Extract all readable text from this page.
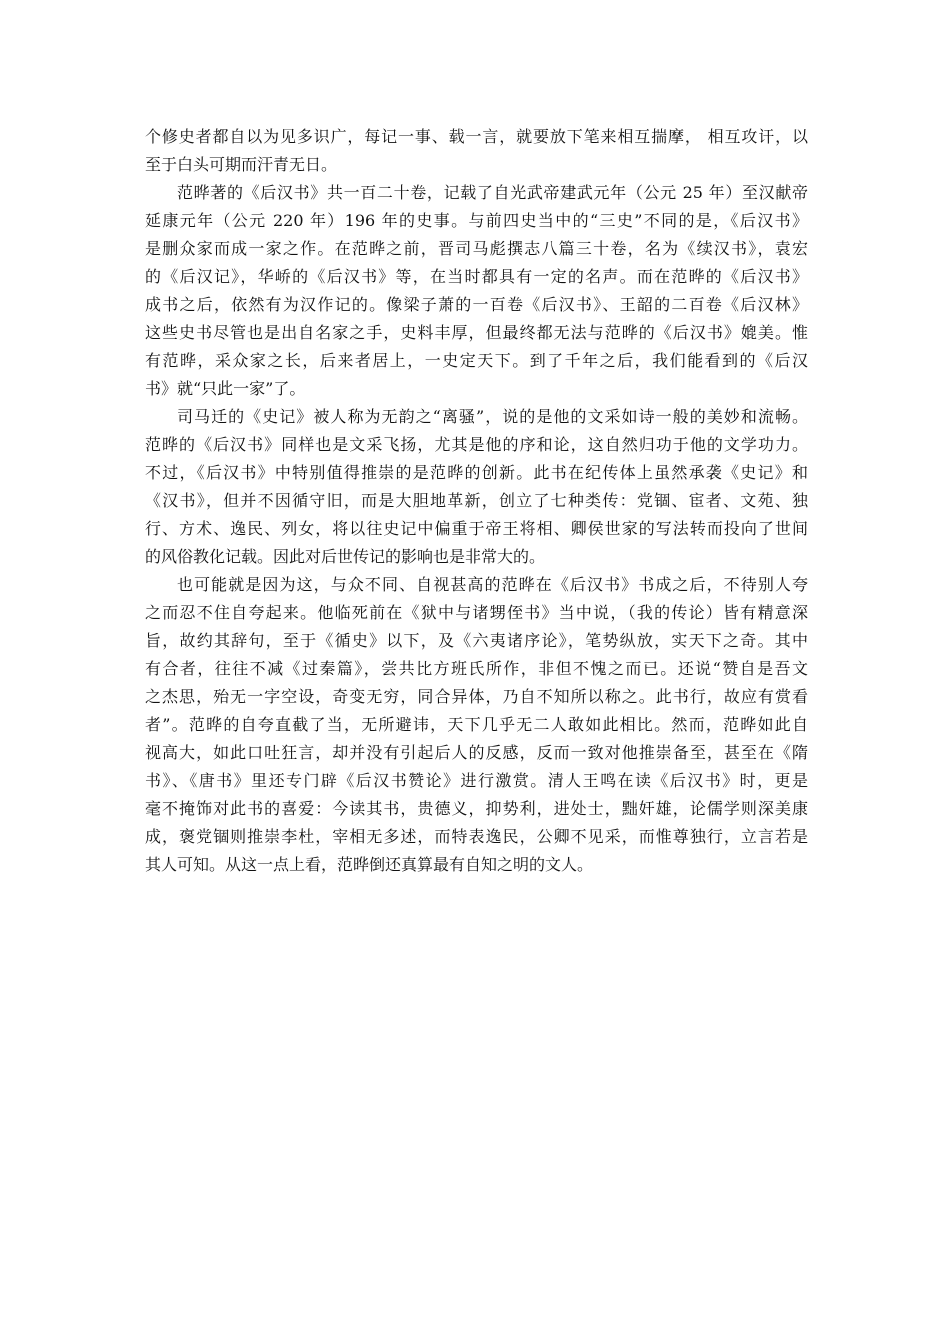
个修史者都自以为见多识广，每记一事、载一言，就要放下笔来相互揣摩， 相互攻讦，以
至于白头可期而汗青无日。
范晔著的《后汉书》共一百二十卷，记载了自光武帝建武元年（公元 25 年）至汉献帝
延康元年（公元 220 年）196 年的史事。与前四史当中的“三史”不同的是，《后汉书》
是删众家而成一家之作。在范晔之前，晋司马彪撰志八篇三十卷，名为《续汉书》，袁宏
的《后汉记》，华峤的《后汉书》等，在当时都具有一定的名声。而在范晔的《后汉书》
成书之后，依然有为汉作记的。像梁子萧的一百卷《后汉书》、王韶的二百卷《后汉林》
这些史书尽管也是出自名家之手，史料丰厚，但最终都无法与范晔的《后汉书》媲美。惟
有范晔，采众家之长，后来者居上，一史定天下。到了千年之后，我们能看到的《后汉
书》就“只此一家”了。
司马迁的《史记》被人称为无韵之“离骚”，说的是他的文采如诗一般的美妙和流畅。
范晔的《后汉书》同样也是文采飞扬，尤其是他的序和论，这自然归功于他的文学功力。
不过，《后汉书》中特别值得推崇的是范晔的创新。此书在纪传体上虽然承袭《史记》和
《汉书》，但并不因循守旧，而是大胆地革新，创立了七种类传：党锢、宦者、文苑、独
行、方术、逸民、列女，将以往史记中偏重于帝王将相、卿侯世家的写法转而投向了世间
的风俗教化记载。因此对后世传记的影响也是非常大的。
也可能就是因为这，与众不同、自视甚高的范晔在《后汉书》书成之后，不待别人夸
之而忍不住自夸起来。他临死前在《狱中与诸甥侄书》当中说，（我的传论）皆有精意深
旨，故约其辞句，至于《循史》以下，及《六夷诸序论》，笔势纵放，实天下之奇。其中
有合者，往往不减《过秦篇》，尝共比方班氏所作，非但不愧之而已。还说“赞自是吾文
之杰思，殆无一字空设，奇变无穷，同合异体，乃自不知所以称之。此书行，故应有赏看
者”。范晔的自夸直截了当，无所避讳，天下几乎无二人敢如此相比。然而，范晔如此自
视高大，如此口吐狂言，却并没有引起后人的反感，反而一致对他推崇备至，甚至在《隋
书》、《唐书》里还专门辟《后汉书赞论》进行激赏。清人王鸣在读《后汉书》时，更是
毫不掩饰对此书的喜爱：今读其书，贵德义，抑势利，进处士，黜奸雄，论儒学则深美康
成，褒党锢则推崇李杜，宰相无多述，而特表逸民，公卿不见采，而惟尊独行，立言若是
其人可知。从这一点上看，范晔倒还真算最有自知之明的文人。
